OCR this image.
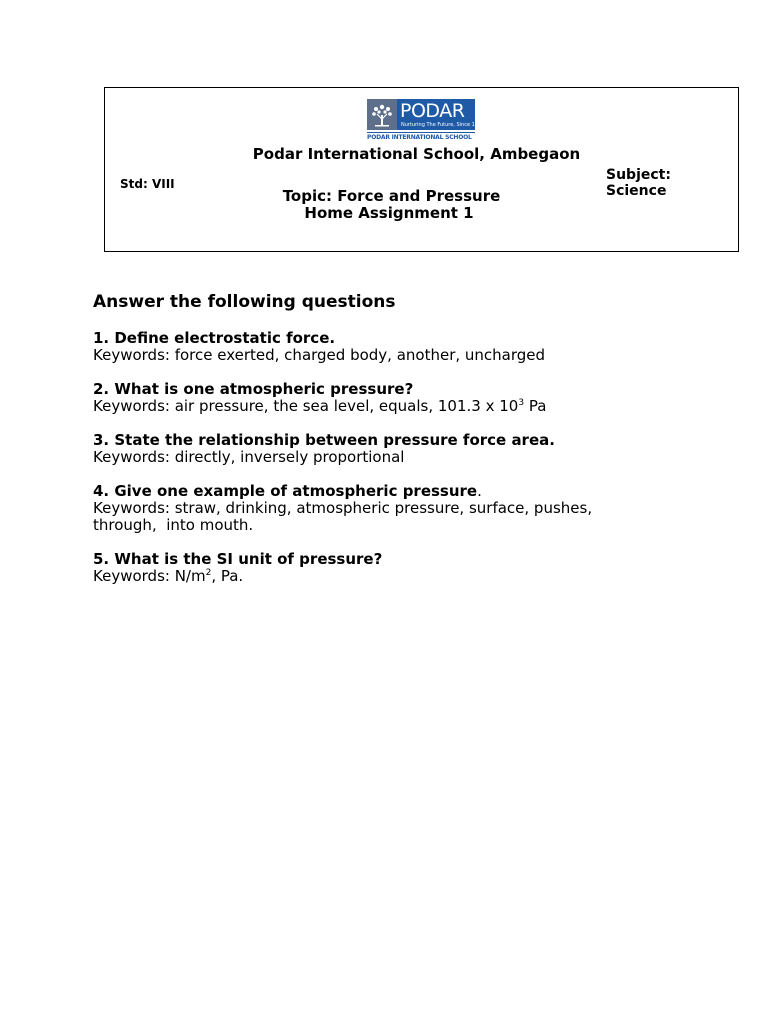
PODAR
Nurturing The Future, Since 1927
PODAR INTERNATIONAL SCHOOL
Podar International School, Ambegaon
Std: VIII
Subject:
Science
Topic: Force and Pressure
Home Assignment 1
Answer the following questions
1. Define electrostatic force.
Keywords: force exerted, charged body, another, uncharged
2. What is one atmospheric pressure?
Keywords: air pressure, the sea level, equals, 101.3 x $10^3$ Pa
3. State the relationship between pressure force area.
Keywords: directly, inversely proportional
4. Give one example of atmospheric pressure.
Keywords: straw, drinking, atmospheric pressure, surface, pushes,
through,  into mouth.
5. What is the SI unit of pressure?
Keywords: $N/m^2$, Pa.
